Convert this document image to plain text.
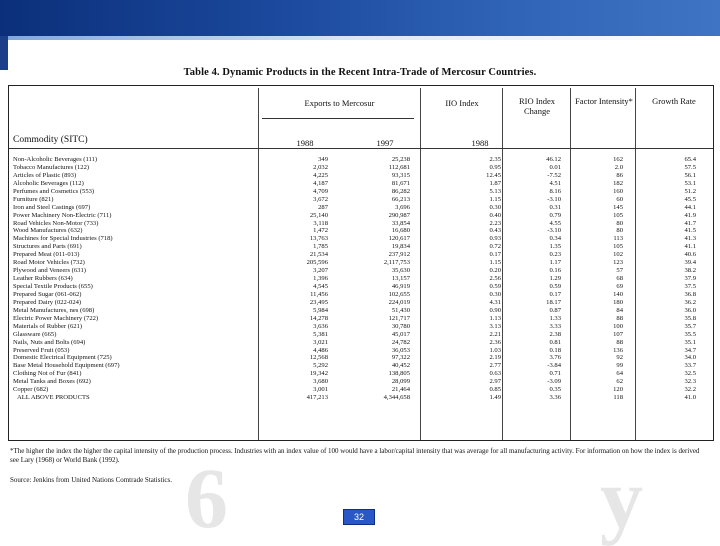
Table 4. Dynamic Products in the Recent Intra-Trade of Mercosur Countries.
Exports to Mercosur	IIO Index	RIO Index Change
Factor Intensity*	Growth Rate
Commodity (SITC)	1988	1997	1988
Non-Alcoholic Beverages (111)	349	25,238	2.35	46.12	162	65.4
Tobacco Manufactures (122)	2,032	112,681	0.95	0.01	2.0	57.5
Articles of Plastic (893)	4,225	93,315	12.45	-7.52	86	56.1
Alcoholic Beverages (112)	4,187	81,671	1.87	4.51	182	53.1
Perfumes and Cosmetics (553)	4,709	86,282	5.13	8.16	160	51.2
Furniture (821)	3,672	66,213	1.15	-3.10	60	45.5
Iron and Steel Castings (697)	287	3,696	0.30	0.31	145	44.1
Power Machinery Non-Electric (711)	25,140	290,987	0.40	0.79	105	41.9
Road Vehicles Non-Motor (733)	3,118	33,854	2.23	4.55	80	41.7
Wood Manufactures (632)	1,472	16,680	0.43	-3.10	80	41.5
Machines for Special Industries (718)	13,763	120,617	0.93	0.34	113	41.3
Structures and Parts (691)	1,785	19,834	0.72	1.35	105	41.1
Prepared Meat (011-013)	21,534	237,912	0.17	0.23	102	40.6
Road Motor Vehicles (732)	205,596	2,117,753	1.15	1.17	123	39.4
Plywood and Veneers (631)	3,207	35,630	0.20	0.16	57	38.2
Leather Rubbers (634)	1,396	13,157	2.56	1.29	68	37.9
Special Textile Products (655)	4,545	46,919	0.59	0.59	69	37.5
Prepared Sugar (061-062)	11,456	102,655	0.30	0.17	140	36.8
Prepared Dairy (022-024)	23,495	224,019	4.31	18.17	180	36.2
Metal Manufactures, nes (698)	5,984	51,430	0.90	0.87	84	36.0
Electric Power Machinery (722)	14,278	121,717	1.13	1.33	88	35.8
Materials of Rubber (621)	3,636	30,780	3.13	3.33	100	35.7
Glassware (665)	5,381	45,017	2.21	2.38	107	35.5
Nails, Nuts and Bolts (694)	3,021	24,782	2.36	0.81	88	35.1
Preserved Fruit (053)	4,486	36,053	1.03	0.18	136	34.7
Domestic Electrical Equipment (725)	12,568	97,322	2.19	3.76	92	34.0
Base Metal Household Equipment (697)	5,292	40,452	2.77	-3.84	99	33.7
Clothing Not of Fur (841)	19,342	138,805	0.63	0.71	64	32.5
Metal Tanks and Boxes (692)	3,680	28,099	2.97	-3.09	62	32.3
Copper (682)	3,001	21,464	0.85	0.35	120	32.2
ALL ABOVE PRODUCTS	417,213	4,344,658	1.49	3.36	118	41.0
*The higher the index the higher the capital intensity of the production process. Industries with an index value of 100 would have a labor/capital intensity that was average for all manufacturing activity. For information on how the index is derived see Lary (1968) or World Bank (1992).
Source: Jenkins from United Nations Comtrade Statistics. 6	y
32
